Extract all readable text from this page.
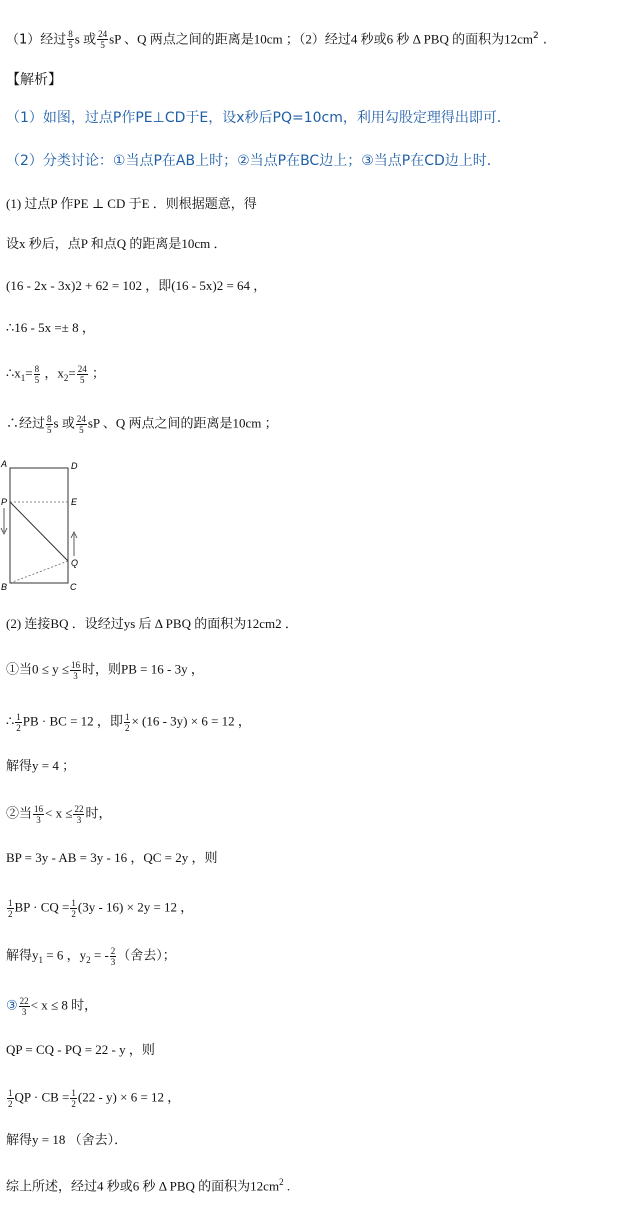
（1）经过 $\frac{8}{5}$ s 或 $\frac{24}{5}$ sP 、Q 两点之间的距离是10cm ；（2）经过4 秒或6 秒 Δ PBQ 的面积为$12cm^2$ .
【解析】
（1）如图，过点P作PE⊥CD于E，设x秒后PQ=10cm，利用勾股定理得出即可．
（2）分类讨论：①当点P在AB上时；②当点P在BC边上；③当点P在CD边上时．
(1) 过点P 作PE ⊥ CD 于E ．则根据题意，得
设x 秒后，点P 和点Q 的距离是10cm ．
(16 - 2x - 3x)2 + 62 = 102 ，即(16 - 5x)2 = 64 ，
∴16 - 5x =± 8 ，
$\therefore x_1= \frac{8}{5}$ ，$x_2= \frac{24}{5}$ ；
∴经过 $\frac{8}{5}$ s 或 $\frac{24}{5}$ sP 、Q 两点之间的距离是10cm ；
A	D
P	E
Q
B	C
(2) 连接BQ ．设经过ys 后 Δ PBQ 的面积为12cm2 ．
①当$0 \le y \le \frac{16}{3}$ 时，则PB = 16 - 3y ，
∴ $\frac{1}{2}$ PB · BC = 12 ，即 $\frac{1}{2} \times (16 - 3y) \times 6 = 12$ ，
解得y = 4 ；
②当 $\frac{16}{3} < x \le \frac{22}{3}$ 时，
BP = 3y - AB = 3y - 16 ，QC = 2y ，则
$\frac{1}{2}$ BP · CQ = $\frac{1}{2} (3y - 16) \times 2y = 12$ ，
解得$y_1 = 6$ ，$y_2$ = - $\frac{2}{3}$ （舍去）；
③ $\frac{22}{3} < x \le 8$ 时，
QP = CQ - PQ = 22 - y ，则
$\frac{1}{2}$ QP · CB = $\frac{1}{2} (22 - y) \times 6 = 12$ ，
解得y = 18 （舍去）．
综上所述，经过4 秒或6 秒 Δ PBQ 的面积为$12cm^2$ .
